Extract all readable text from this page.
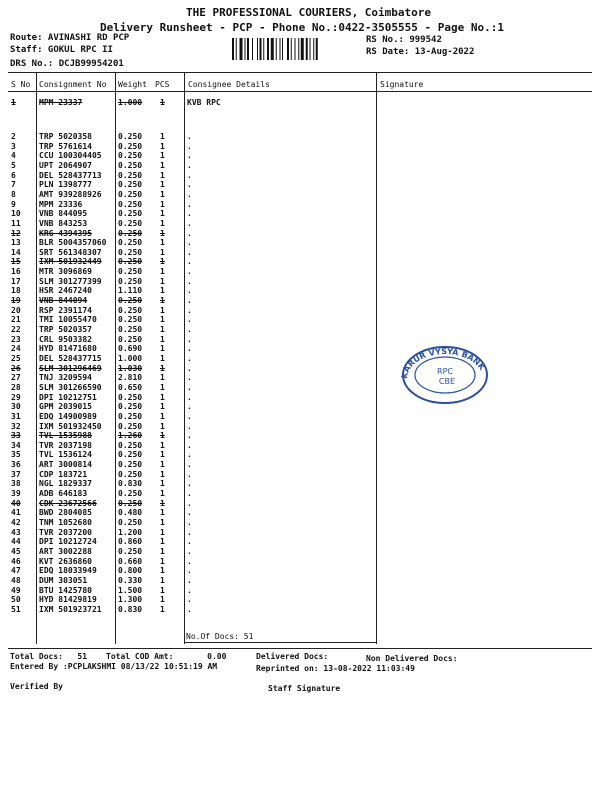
THE PROFESSIONAL COURIERS, Coimbatore
Delivery Runsheet - PCP - Phone No.:0422-3505555 - Page No.:1
Route: AVINASHI RD PCP
Staff: GOKUL RPC II
DRS No.: DCJB99954201
RS No.: 999542
RS Date: 13-Aug-2022
S No Consignment No Weight PCS Consignee Details	Signature
1	MPM 23337	1.000 1	KVB RPC
2	TRP 5020358	0.250 1	.
3	TRP 5761614	0.250 1	.
4	CCU 100304405 0.250 1	.
5	UPT 2064907	0.250 1	.
6	DEL 528437713 0.250 1	.
7	PLN 1398777	0.250 1	.
8	AMT 939288926 0.250 1	.
9	MPM 23336	0.250 1	.
10 VNB 844095	0.250 1	.
11 VNB 843253	0.250 1	.
12 KRG 4394395	0.250 1	.
13 BLR 5004357060 0.250 1	.
14 SRT 561348307 0.250 1	.
15 IXM 501932449 0.250 1	.
16 MTR 3096869	0.250 1	.
17 SLM 301277399 0.250 1	.
18 HSR 2467240	1.110 1	.
19 VNB 844094	0.250 1	.
20 RSP 2391174	0.250 1	.
21 TMI 10055470	0.250 1	.
22 TRP 5020357	0.250 1	.
23 CRL 9503382	0.250 1	.
24 HYD 81471680	0.690 1	.
25 DEL 528437715 1.000 1	.
26 SLM 301296469 1.030 1	.
27 TNJ 3209594	2.810 1	.
28 SLM 301266590 0.650 1	.
29 DPI 10212751	0.250 1	.
30 GPM 2039015	0.250 1	.
31 EDQ 14900989	0.250 1	.
32 IXM 501932450 0.250 1	.
33 TVL 1535988	1.260 1	.
34 TVR 2037198	0.250 1	.
35 TVL 1536124	0.250 1	.
36 ART 3000814	0.250 1	.
37 CDP 183721	0.250 1	.
38 NGL 1829337	0.830 1	.
39 ADB 646183	0.250 1	.
40 CDK 23672566	0.250 1	.
41 BWD 2804085	0.480 1	.
42 TNM 1052680	0.250 1	.
43 TVR 2037200	1.200 1	.
44 DPI 10212724	0.860 1	.
45 ART 3002288	0.250 1	.
46 KVT 2636860	0.660 1	.
47 EDQ 18033949	0.800 1	.
48 DUM 303051	0.330 1	.
49 BTU 1425780	1.500 1	.
50 HYD 81429819	1.300 1	.
51 IXM 501923721 0.830 1	.
No.Of Docs: 51
KARUR VYSYA BANK
RPC
CBE
Total Docs:   51 Total COD Amt:       0.00	Delivered Docs:	Non Delivered Docs:
Entered By :PCPLAKSHMI 08/13/22 10:51:19 AM	Reprinted on: 13-08-2022 11:03:49
Verified By	Staff Signature
